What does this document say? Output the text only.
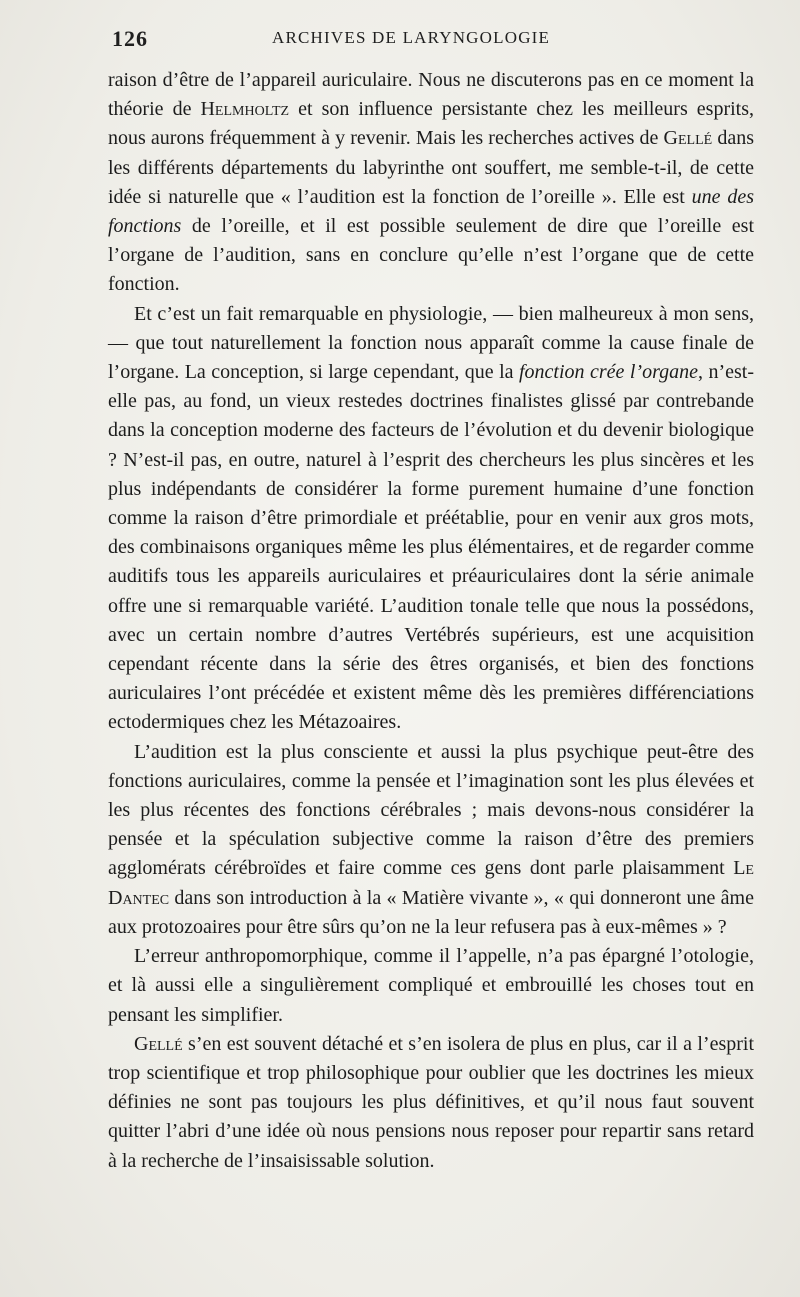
126	ARCHIVES DE LARYNGOLOGIE

raison d’être de l’appareil auriculaire. Nous ne discuterons pas en ce moment la théorie de Helmholtz et son influence persistante chez les meilleurs esprits, nous aurons fréquemment à y revenir. Mais les recherches actives de Gellé dans les différents départements du labyrinthe ont souffert, me semble-t-il, de cette idée si naturelle que « l’audition est la fonction de l’oreille ». Elle est une des fonctions de l’oreille, et il est possible seulement de dire que l’oreille est l’organe de l’audition, sans en conclure qu’elle n’est l’organe que de cette fonction.

Et c’est un fait remarquable en physiologie, — bien malheureux à mon sens, — que tout naturellement la fonction nous apparaît comme la cause finale de l’organe. La conception, si large cependant, que la fonction crée l’organe, n’est-elle pas, au fond, un vieux restedes doctrines finalistes glissé par contrebande dans la conception moderne des facteurs de l’évolution et du devenir biologique ? N’est-il pas, en outre, naturel à l’esprit des chercheurs les plus sincères et les plus indépendants de considérer la forme purement humaine d’une fonction comme la raison d’être primordiale et préétablie, pour en venir aux gros mots, des combinaisons organiques même les plus élémentaires, et de regarder comme auditifs tous les appareils auriculaires et préauriculaires dont la série animale offre une si remarquable variété. L’audition tonale telle que nous la possédons, avec un certain nombre d’autres Vertébrés supérieurs, est une acquisition cependant récente dans la série des êtres organisés, et bien des fonctions auriculaires l’ont précédée et existent même dès les premières différenciations ectodermiques chez les Métazoaires.

L’audition est la plus consciente et aussi la plus psychique peut-être des fonctions auriculaires, comme la pensée et l’imagination sont les plus élevées et les plus récentes des fonctions cérébrales ; mais devons-nous considérer la pensée et la spéculation subjective comme la raison d’être des premiers agglomérats cérébroïdes et faire comme ces gens dont parle plaisamment Le Dantec dans son introduction à la « Matière vivante », « qui donneront une âme aux protozoaires pour être sûrs qu’on ne la leur refusera pas à eux-mêmes » ?

L’erreur anthropomorphique, comme il l’appelle, n’a pas épargné l’otologie, et là aussi elle a singulièrement compliqué et embrouillé les choses tout en pensant les simplifier.

Gellé s’en est souvent détaché et s’en isolera de plus en plus, car il a l’esprit trop scientifique et trop philosophique pour oublier que les doctrines les mieux définies ne sont pas toujours les plus définitives, et qu’il nous faut souvent quitter l’abri d’une idée où nous pensions nous reposer pour repartir sans retard à la recherche de l’insaisissable solution.
